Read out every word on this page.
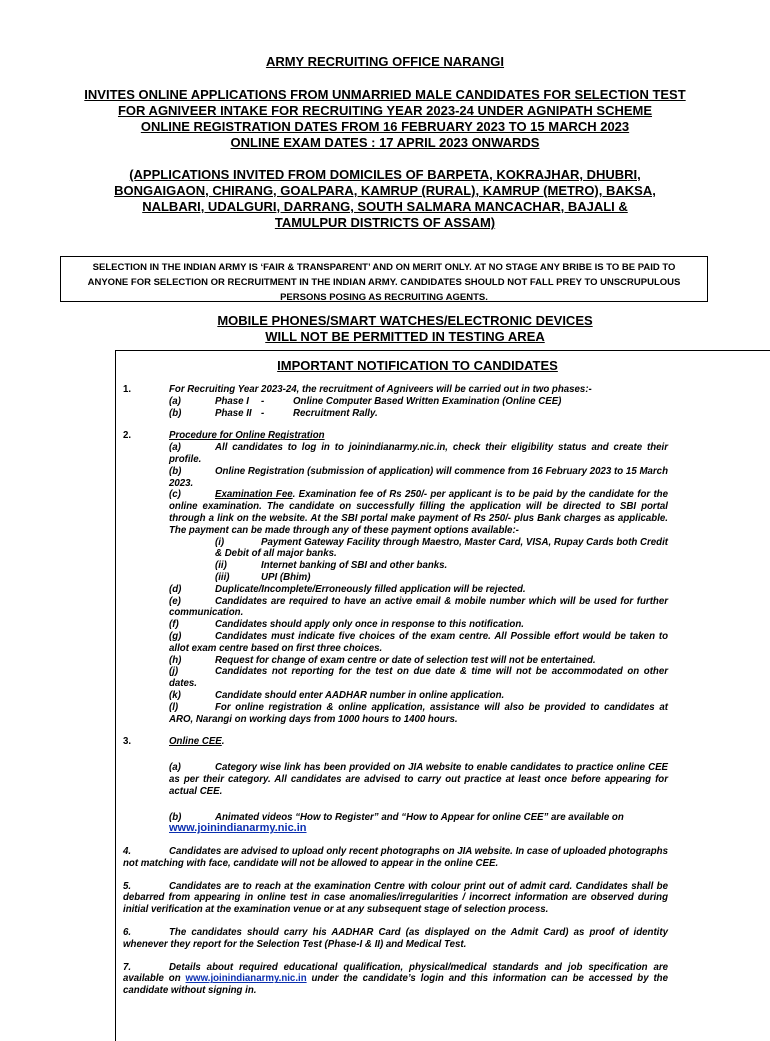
ARMY RECRUITING OFFICE NARANGI

INVITES ONLINE APPLICATIONS FROM UNMARRIED MALE CANDIDATES FOR SELECTION TEST
FOR AGNIVEER INTAKE FOR RECRUITING YEAR 2023-24 UNDER AGNIPATH SCHEME
ONLINE REGISTRATION DATES FROM 16 FEBRUARY 2023 TO 15 MARCH 2023
ONLINE EXAM DATES : 17 APRIL 2023 ONWARDS
(APPLICATIONS INVITED FROM DOMICILES OF BARPETA, KOKRAJHAR, DHUBRI,
BONGAIGAON, CHIRANG, GOALPARA, KAMRUP (RURAL), KAMRUP (METRO), BAKSA,
NALBARI, UDALGURI, DARRANG, SOUTH SALMARA MANCACHAR, BAJALI &
TAMULPUR DISTRICTS OF ASSAM)
SELECTION IN THE INDIAN ARMY IS ‘FAIR & TRANSPARENT’ AND ON MERIT ONLY. AT NO STAGE ANY BRIBE IS TO BE PAID TO
ANYONE FOR SELECTION OR RECRUITMENT IN THE INDIAN ARMY. CANDIDATES SHOULD NOT FALL PREY TO UNSCRUPULOUS
PERSONS POSING AS RECRUITING AGENTS.
MOBILE PHONES/SMART WATCHES/ELECTRONIC DEVICES
WILL NOT BE PERMITTED IN TESTING AREA
IMPORTANT NOTIFICATION TO CANDIDATES
1.	For Recruiting Year 2023-24, the recruitment of Agniveers will be carried out in two phases:-
(a)	Phase I -	Online Computer Based Written Examination (Online CEE)
(b)	Phase II -	Recruitment Rally.
2.	Procedure for Online Registration
(a)	All candidates to log in to joinindianarmy.nic.in, check their eligibility status and create their profile.
(b)	Online Registration (submission of application) will commence from 16 February 2023 to 15 March 2023.
(c)	Examination Fee. Examination fee of Rs 250/- per applicant is to be paid by the candidate for the online examination. The candidate on successfully filling the application will be directed to SBI portal through a link on the website. At the SBI portal make payment of Rs 250/- plus Bank charges as applicable. The payment can be made through any of these payment options available:-
(i)	Payment Gateway Facility through Maestro, Master Card, VISA, Rupay Cards both Credit & Debit of all major banks.
(ii)	Internet banking of SBI and other banks.
(iii)	UPI (Bhim)
(d)	Duplicate/Incomplete/Erroneously filled application will be rejected.
(e)	Candidates are required to have an active email & mobile number which will be used for further communication.
(f)	Candidates should apply only once in response to this notification.
(g)	Candidates must indicate five choices of the exam centre. All Possible effort would be taken to allot exam centre based on first three choices.
(h)	Request for change of exam centre or date of selection test will not be entertained.
(j)	Candidates not reporting for the test on due date & time will not be accommodated on other dates.
(k)	Candidate should enter AADHAR number in online application.
(l)	For online registration & online application, assistance will also be provided to candidates at ARO, Narangi on working days from 1000 hours to 1400 hours.
3.	Online CEE.
(a)	Category wise link has been provided on JIA website to enable candidates to practice online CEE as per their category. All candidates are advised to carry out practice at least once before appearing for actual CEE.
(b)	Animated videos “How to Register” and “How to Appear for online CEE” are available on
www.joinindianarmy.nic.in

4.	Candidates are advised to upload only recent photographs on JIA website. In case of uploaded photographs not matching with face, candidate will not be allowed to appear in the online CEE.

5.	Candidates are to reach at the examination Centre with colour print out of admit card. Candidates shall be debarred from appearing in online test in case anomalies/irregularities / incorrect information are observed during initial verification at the examination venue or at any subsequent stage of selection process.

6.	The candidates should carry his AADHAR Card (as displayed on the Admit Card) as proof of identity whenever they report for the Selection Test (Phase-I & II) and Medical Test.

7.	Details about required educational qualification, physical/medical standards and job specification are available on www.joinindianarmy.nic.in under the candidate’s login and this information can be accessed by the candidate without signing in.
